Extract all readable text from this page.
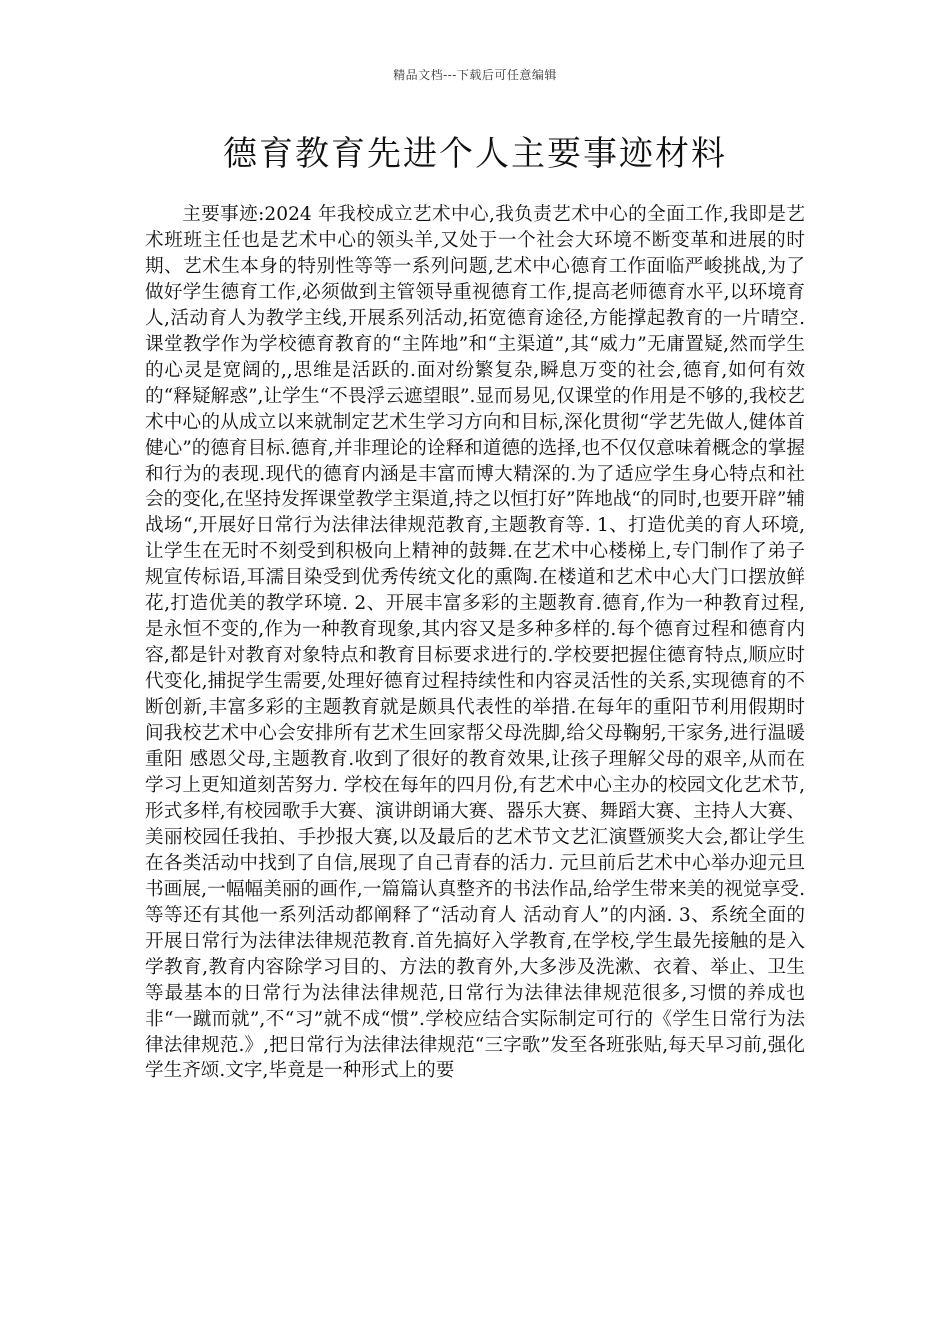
精品文档---下载后可任意编辑
德育教育先进个人主要事迹材料

主要事迹:2024 年我校成立艺术中心,我负责艺术中心的全面工作,我即是艺术班班主任也是艺术中心的领头羊,又处于一个社会大环境不断变革和进展的时期、艺术生本身的特别性等等一系列问题,艺术中心德育工作面临严峻挑战,为了做好学生德育工作,必须做到主管领导重视德育工作,提高老师德育水平,以环境育人,活动育人为教学主线,开展系列活动,拓宽德育途径,方能撑起教育的一片晴空. 课堂教学作为学校德育教育的“主阵地”和“主渠道”,其“威力”无庸置疑,然而学生的心灵是宽阔的,,思维是活跃的.面对纷繁复杂,瞬息万变的社会,德育,如何有效的“释疑解惑”,让学生“不畏浮云遮望眼”.显而易见,仅课堂的作用是不够的,我校艺术中心的从成立以来就制定艺术生学习方向和目标,深化贯彻“学艺先做人,健体首健心”的德育目标.德育,并非理论的诠释和道德的选择,也不仅仅意味着概念的掌握和行为的表现.现代的德育内涵是丰富而博大精深的.为了适应学生身心特点和社会的变化,在坚持发挥课堂教学主渠道,持之以恒打好”阵地战“的同时,也要开辟”辅战场“,开展好日常行为法律法律规范教育,主题教育等. 1、打造优美的育人环境,让学生在无时不刻受到积极向上精神的鼓舞.在艺术中心楼梯上,专门制作了弟子规宣传标语,耳濡目染受到优秀传统文化的熏陶.在楼道和艺术中心大门口摆放鲜花,打造优美的教学环境. 2、开展丰富多彩的主题教育.德育,作为一种教育过程,是永恒不变的,作为一种教育现象,其内容又是多种多样的.每个德育过程和德育内容,都是针对教育对象特点和教育目标要求进行的.学校要把握住德育特点,顺应时代变化,捕捉学生需要,处理好德育过程持续性和内容灵活性的关系,实现德育的不断创新,丰富多彩的主题教育就是颇具代表性的举措.在每年的重阳节利用假期时间我校艺术中心会安排所有艺术生回家帮父母洗脚,给父母鞠躬,干家务,进行温暖重阳 感恩父母,主题教育.收到了很好的教育效果,让孩子理解父母的艰辛,从而在学习上更知道刻苦努力. 学校在每年的四月份,有艺术中心主办的校园文化艺术节,形式多样,有校园歌手大赛、演讲朗诵大赛、器乐大赛、舞蹈大赛、主持人大赛、美丽校园任我拍、手抄报大赛,以及最后的艺术节文艺汇演暨颁奖大会,都让学生在各类活动中找到了自信,展现了自己青春的活力. 元旦前后艺术中心举办迎元旦书画展,一幅幅美丽的画作,一篇篇认真整齐的书法作品,给学生带来美的视觉享受.等等还有其他一系列活动都阐释了“活动育人 活动育人”的内涵. 3、系统全面的开展日常行为法律法律规范教育.首先搞好入学教育,在学校,学生最先接触的是入学教育,教育内容除学习目的、方法的教育外,大多涉及洗漱、衣着、举止、卫生等最基本的日常行为法律法律规范,日常行为法律法律规范很多,习惯的养成也非“一蹴而就”,不“习”就不成“惯”.学校应结合实际制定可行的《学生日常行为法律法律规范.》,把日常行为法律法律规范“三字歌”发至各班张贴,每天早习前,强化学生齐颂.文字,毕竟是一种形式上的要
